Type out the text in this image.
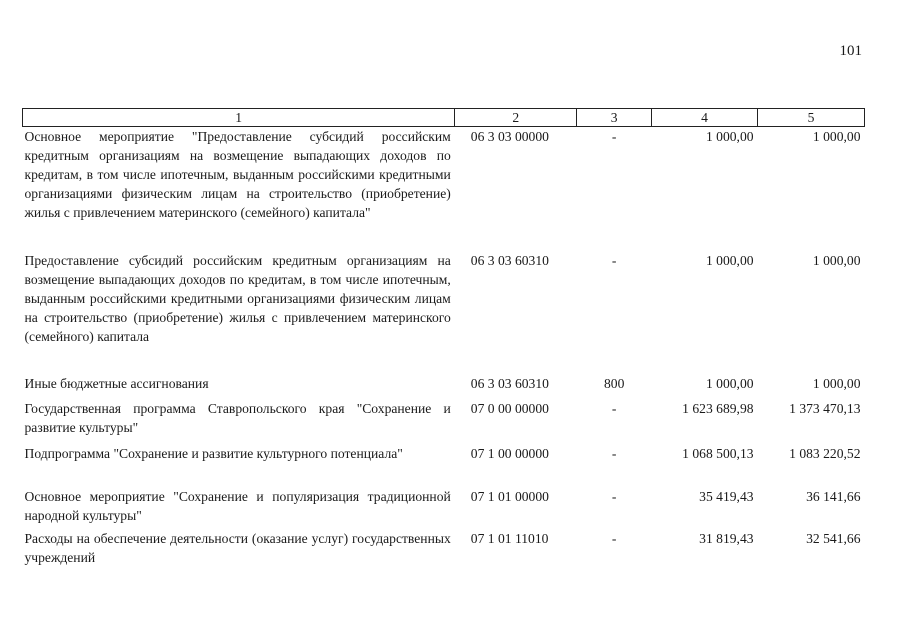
101
1	2	3	4	5
Основное мероприятие "Предоставление субсидий российским кредитным организациям на возмещение выпадающих доходов по кредитам, в том числе ипотечным, выданным российскими кредитными организациями физическим лицам на строительство (приобретение) жилья с привлечением материнского (семейного) капитала"	06 3 03 00000	-	1 000,00	1 000,00
Предоставление субсидий российским кредитным организациям на возмещение выпадающих доходов по кредитам, в том числе ипотечным, выданным российскими кредитными организациями физическим лицам на строительство (приобретение) жилья с привлечением материнского (семейного) капитала	06 3 03 60310	-	1 000,00	1 000,00
Иные бюджетные ассигнования	06 3 03 60310	800	1 000,00	1 000,00
Государственная программа Ставропольского края "Сохранение и развитие культуры"	07 0 00 00000	-	1 623 689,98	1 373 470,13
Подпрограмма "Сохранение и развитие культурного потенциала"	07 1 00 00000	-	1 068 500,13	1 083 220,52
Основное мероприятие "Сохранение и популяризация традиционной народной культуры"	07 1 01 00000	-	35 419,43	36 141,66
Расходы на обеспечение деятельности (оказание услуг) государственных учреждений	07 1 01 11010	-	31 819,43	32 541,66
